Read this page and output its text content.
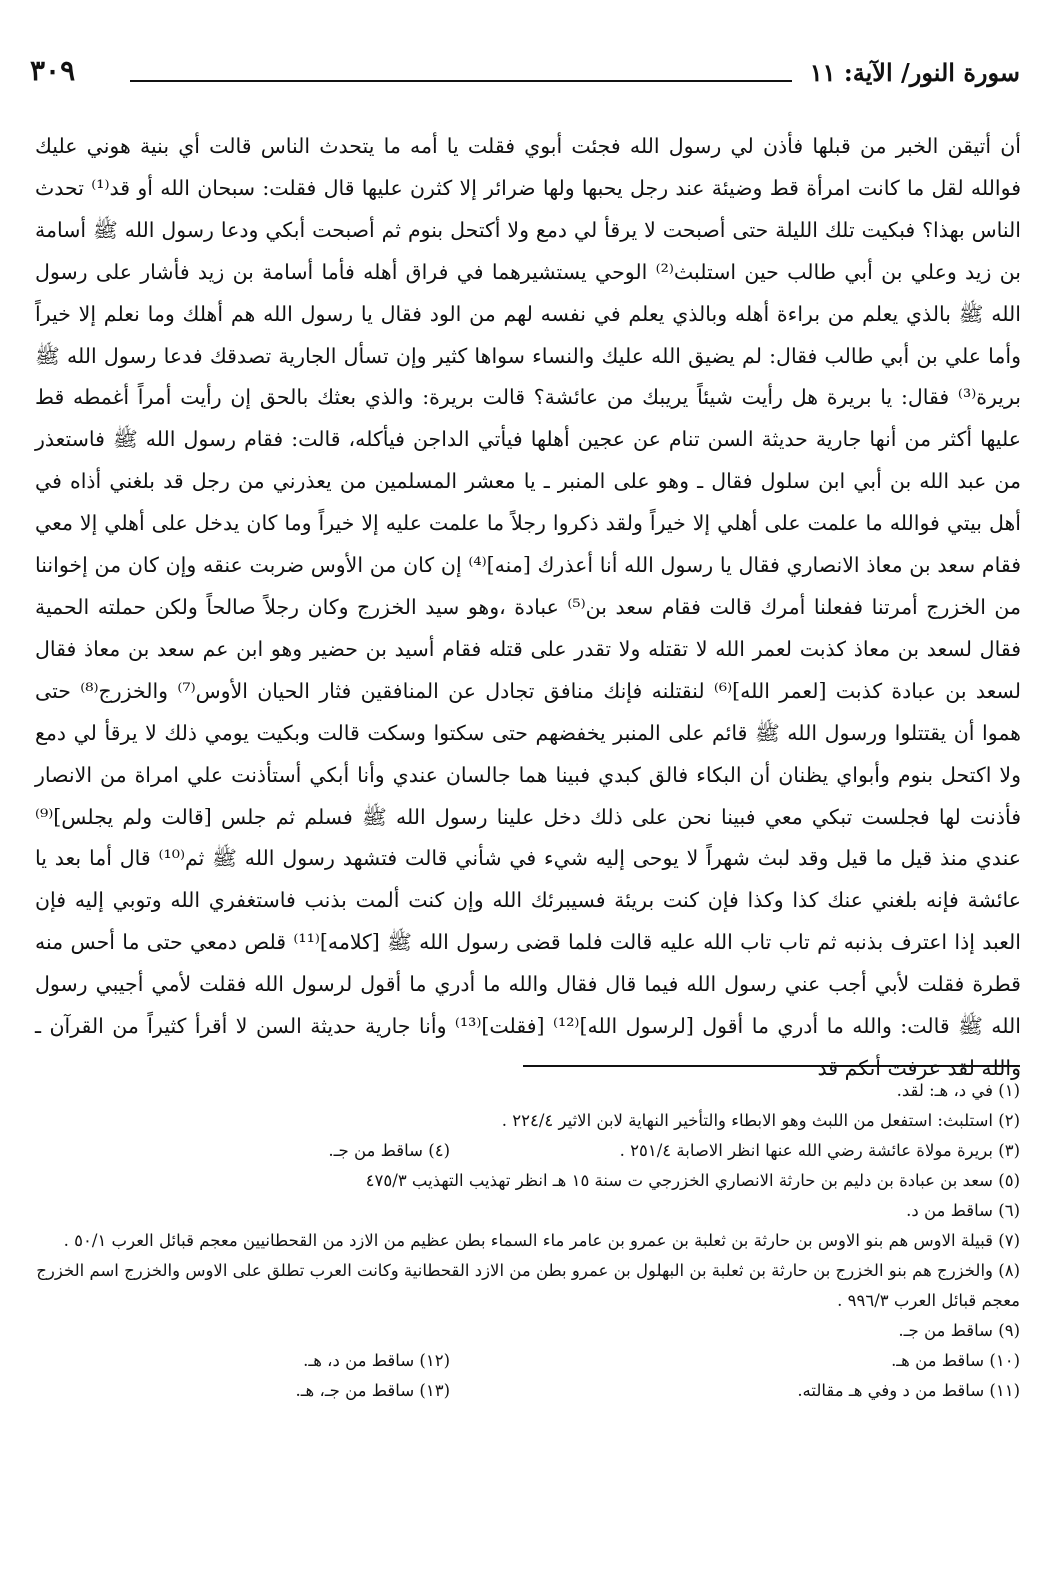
سورة النور/ الآية: ١١
٣٠٩

أن أتيقن الخبر من قبلها فأذن لي رسول الله فجئت أبوي فقلت يا أمه ما يتحدث الناس قالت أي بنية هوني عليك فوالله لقل ما كانت امرأة قط وضيئة عند رجل يحبها ولها ضرائر إلا كثرن عليها قال فقلت: سبحان الله أو قد⁽¹⁾ تحدث الناس بهذا؟ فبكيت تلك الليلة حتى أصبحت لا يرقأ لي دمع ولا أكتحل بنوم ثم أصبحت أبكي ودعا رسول الله ﷺ أسامة بن زيد وعلي بن أبي طالب حين استلبث⁽²⁾ الوحي يستشيرهما في فراق أهله فأما أسامة بن زيد فأشار على رسول الله ﷺ بالذي يعلم من براءة أهله وبالذي يعلم في نفسه لهم من الود فقال يا رسول الله هم أهلك وما نعلم إلا خيراً وأما علي بن أبي طالب فقال: لم يضيق الله عليك والنساء سواها كثير وإن تسأل الجارية تصدقك فدعا رسول الله ﷺ بريرة⁽³⁾ فقال: يا بريرة هل رأيت شيئاً يريبك من عائشة؟ قالت بريرة: والذي بعثك بالحق إن رأيت أمراً أغمطه قط عليها أكثر من أنها جارية حديثة السن تنام عن عجين أهلها فيأتي الداجن فيأكله، قالت: فقام رسول الله ﷺ فاستعذر من عبد الله بن أبي ابن سلول فقال ـ وهو على المنبر ـ يا معشر المسلمين من يعذرني من رجل قد بلغني أذاه في أهل بيتي فوالله ما علمت على أهلي إلا خيراً ولقد ذكروا رجلاً ما علمت عليه إلا خيراً وما كان يدخل على أهلي إلا معي فقام سعد بن معاذ الانصاري فقال يا رسول الله أنا أعذرك [منه]⁽⁴⁾ إن كان من الأوس ضربت عنقه وإن كان من إخواننا من الخزرج أمرتنا ففعلنا أمرك قالت فقام سعد بن⁽⁵⁾ عبادة ،وهو سيد الخزرج وكان رجلاً صالحاً ولكن حملته الحمية فقال لسعد بن معاذ كذبت لعمر الله لا تقتله ولا تقدر على قتله فقام أسيد بن حضير وهو ابن عم سعد بن معاذ فقال لسعد بن عبادة كذبت [لعمر الله]⁽⁶⁾ لنقتلنه فإنك منافق تجادل عن المنافقين فثار الحيان الأوس⁽⁷⁾ والخزرج⁽⁸⁾ حتى هموا أن يقتتلوا ورسول الله ﷺ قائم على المنبر يخفضهم حتى سكتوا وسكت قالت وبكيت يومي ذلك لا يرقأ لي دمع ولا اكتحل بنوم وأبواي يظنان أن البكاء فالق كبدي فبينا هما جالسان عندي وأنا أبكي أستأذنت علي امراة من الانصار فأذنت لها فجلست تبكي معي فبينا نحن على ذلك دخل علينا رسول الله ﷺ فسلم ثم جلس [قالت ولم يجلس]⁽⁹⁾ عندي منذ قيل ما قيل وقد لبث شهراً لا يوحى إليه شيء في شأني قالت فتشهد رسول الله ﷺ ثم⁽¹⁰⁾ قال أما بعد يا عائشة فإنه بلغني عنك كذا وكذا فإن كنت بريئة فسيبرئك الله وإن كنت ألمت بذنب فاستغفري الله وتوبي إليه فإن العبد إذا اعترف بذنبه ثم تاب تاب الله عليه قالت فلما قضى رسول الله ﷺ [كلامه]⁽¹¹⁾ قلص دمعي حتى ما أحس منه قطرة فقلت لأبي أجب عني رسول الله فيما قال فقال والله ما أدري ما أقول لرسول الله فقلت لأمي أجيبي رسول الله ﷺ قالت: والله ما أدري ما أقول [لرسول الله]⁽¹²⁾ [فقلت]⁽¹³⁾ وأنا جارية حديثة السن لا أقرأ كثيراً من القرآن ـ والله لقد عرفت أنكم قد

(١) في د، هـ: لقد.
(٢) استلبث: استفعل من اللبث وهو الابطاء والتأخير النهاية لابن الاثير ٢٢٤/٤ .
(٣) بريرة مولاة عائشة رضي الله عنها انظر الاصابة ٢٥١/٤ .
(٤) ساقط من جـ.
(٥) سعد بن عبادة بن دليم بن حارثة الانصاري الخزرجي ت سنة ١٥ هـ انظر تهذيب التهذيب ٤٧٥/٣
(٦) ساقط من د.
(٧) قبيلة الاوس هم بنو الاوس بن حارثة بن ثعلبة بن عمرو بن عامر ماء السماء بطن عظيم من الازد من القحطانيين معجم قبائل العرب ٥٠/١ .
(٨) والخزرج هم بنو الخزرج بن حارثة بن ثعلبة بن البهلول بن عمرو بطن من الازد القحطانية وكانت العرب تطلق على الاوس والخزرج اسم الخزرج معجم قبائل العرب ٩٩٦/٣ .
(٩) ساقط من جـ.
(١٠) ساقط من هـ.
(١٢) ساقط من د، هـ.
(١١) ساقط من د وفي هـ مقالته.
(١٣) ساقط من جـ، هـ.
